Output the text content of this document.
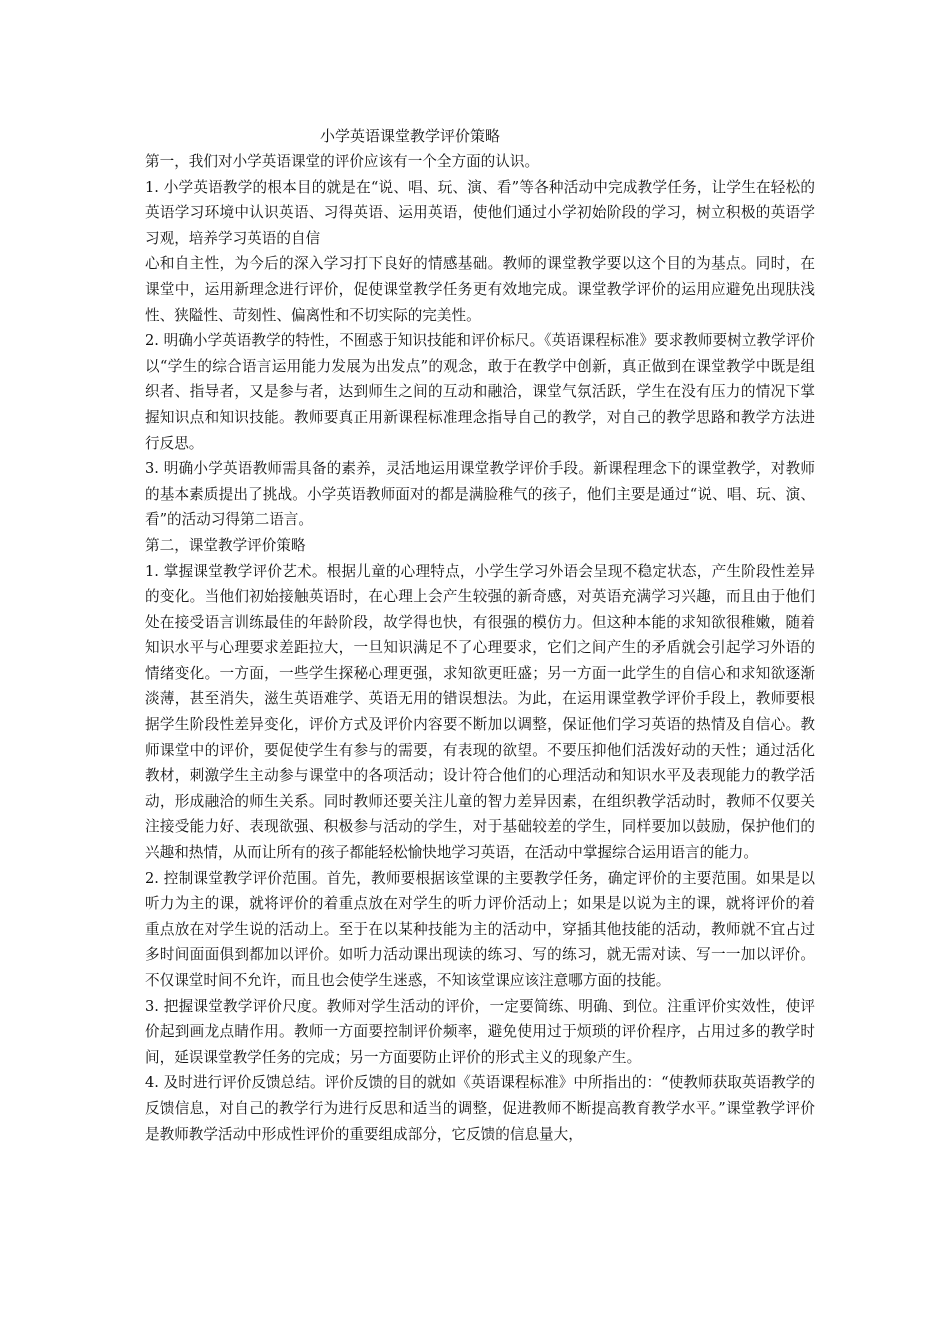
小学英语课堂教学评价策略

第一，我们对小学英语课堂的评价应该有一个全方面的认识。

1. 小学英语教学的根本目的就是在“说、唱、玩、演、看”等各种活动中完成教学任务，让学生在轻松的英语学习环境中认识英语、习得英语、运用英语，使他们通过小学初始阶段的学习，树立积极的英语学习观，培养学习英语的自信

心和自主性，为今后的深入学习打下良好的情感基础。教师的课堂教学要以这个目的为基点。同时，在课堂中，运用新理念进行评价，促使课堂教学任务更有效地完成。课堂教学评价的运用应避免出现肤浅性、狭隘性、苛刻性、偏离性和不切实际的完美性。

2. 明确小学英语教学的特性，不囿惑于知识技能和评价标尺。《英语课程标准》要求教师要树立教学评价以“学生的综合语言运用能力发展为出发点”的观念，敢于在教学中创新，真正做到在课堂教学中既是组织者、指导者，又是参与者，达到师生之间的互动和融洽，课堂气氛活跃，学生在没有压力的情况下掌握知识点和知识技能。教师要真正用新课程标准理念指导自己的教学，对自己的教学思路和教学方法进行反思。

3. 明确小学英语教师需具备的素养，灵活地运用课堂教学评价手段。新课程理念下的课堂教学，对教师的基本素质提出了挑战。小学英语教师面对的都是满脸稚气的孩子，他们主要是通过“说、唱、玩、演、看”的活动习得第二语言。

第二，课堂教学评价策略

1. 掌握课堂教学评价艺术。根据儿童的心理特点，小学生学习外语会呈现不稳定状态，产生阶段性差异的变化。当他们初始接触英语时，在心理上会产生较强的新奇感，对英语充满学习兴趣，而且由于他们处在接受语言训练最佳的年龄阶段，故学得也快，有很强的模仿力。但这种本能的求知欲很稚嫩，随着知识水平与心理要求差距拉大，一旦知识满足不了心理要求，它们之间产生的矛盾就会引起学习外语的情绪变化。一方面，一些学生探秘心理更强，求知欲更旺盛；另一方面一此学生的自信心和求知欲逐渐淡薄，甚至消失，滋生英语难学、英语无用的错误想法。为此，在运用课堂教学评价手段上，教师要根据学生阶段性差异变化，评价方式及评价内容要不断加以调整，保证他们学习英语的热情及自信心。教师课堂中的评价，要促使学生有参与的需要，有表现的欲望。不要压抑他们活泼好动的天性；通过活化教材，刺激学生主动参与课堂中的各项活动；设计符合他们的心理活动和知识水平及表现能力的教学活动，形成融洽的师生关系。同时教师还要关注儿童的智力差异因素，在组织教学活动时，教师不仅要关注接受能力好、表现欲强、积极参与活动的学生，对于基础较差的学生，同样要加以鼓励，保护他们的兴趣和热情，从而让所有的孩子都能轻松愉快地学习英语，在活动中掌握综合运用语言的能力。

2. 控制课堂教学评价范围。首先，教师要根据该堂课的主要教学任务，确定评价的主要范围。如果是以听力为主的课，就将评价的着重点放在对学生的听力评价活动上；如果是以说为主的课，就将评价的着重点放在对学生说的活动上。至于在以某种技能为主的活动中，穿插其他技能的活动，教师就不宜占过多时间面面俱到都加以评价。如听力活动课出现读的练习、写的练习，就无需对读、写一一加以评价。不仅课堂时间不允许，而且也会使学生迷惑，不知该堂课应该注意哪方面的技能。

3. 把握课堂教学评价尺度。教师对学生活动的评价，一定要简练、明确、到位。注重评价实效性，使评价起到画龙点睛作用。教师一方面要控制评价频率，避免使用过于烦琐的评价程序，占用过多的教学时间，延误课堂教学任务的完成；另一方面要防止评价的形式主义的现象产生。

4. 及时进行评价反馈总结。评价反馈的目的就如《英语课程标准》中所指出的：“使教师获取英语教学的反馈信息，对自己的教学行为进行反思和适当的调整，促进教师不断提高教育教学水平。”课堂教学评价是教师教学活动中形成性评价的重要组成部分，它反馈的信息量大，
